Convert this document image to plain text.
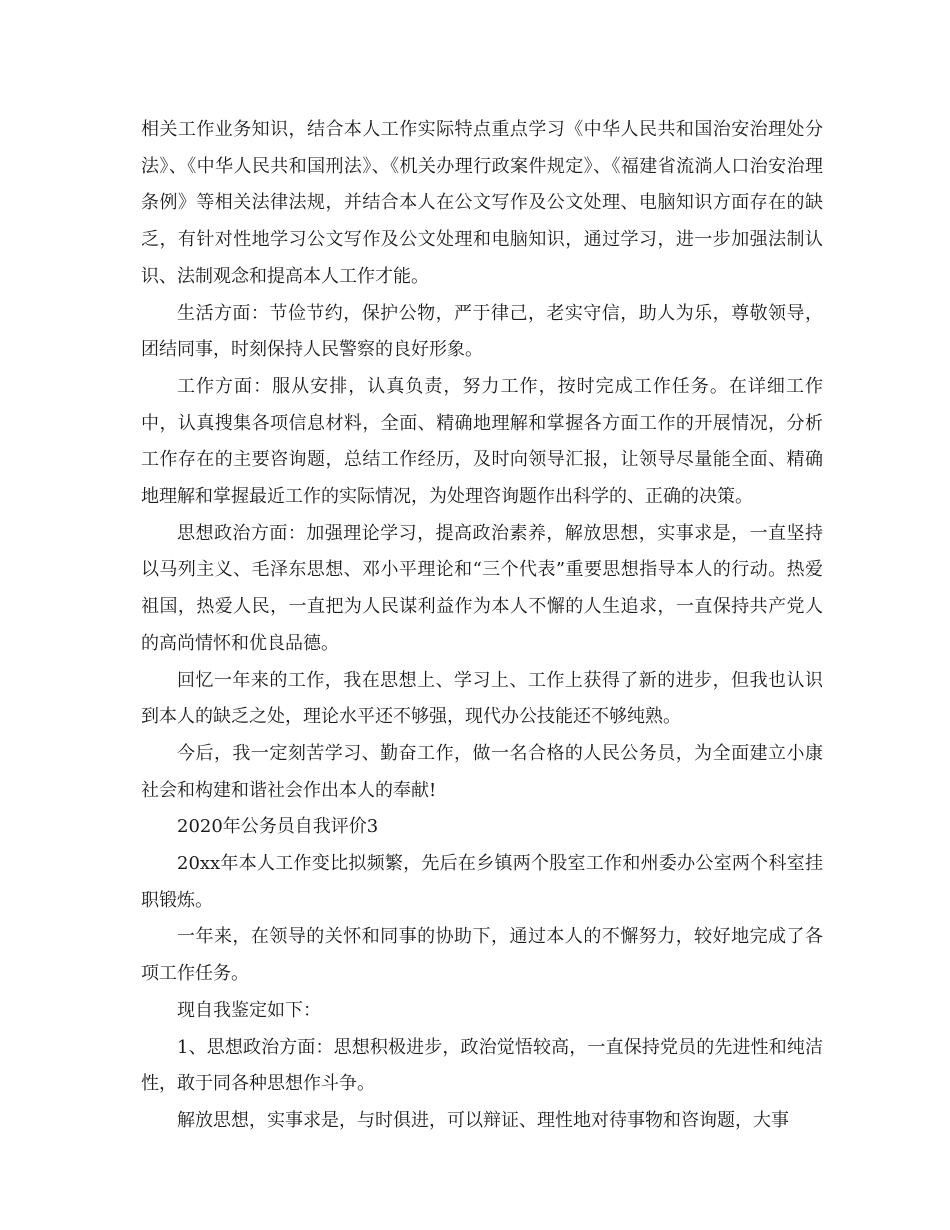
相关工作业务知识，结合本人工作实际特点重点学习《中华人民共和国治安治理处分法》、《中华人民共和国刑法》、《机关办理行政案件规定》、《福建省流淌人口治安治理条例》等相关法律法规，并结合本人在公文写作及公文处理、电脑知识方面存在的缺乏，有针对性地学习公文写作及公文处理和电脑知识，通过学习，进一步加强法制认识、法制观念和提高本人工作才能。

生活方面：节俭节约，保护公物，严于律己，老实守信，助人为乐，尊敬领导，团结同事，时刻保持人民警察的良好形象。

工作方面：服从安排，认真负责，努力工作，按时完成工作任务。在详细工作中，认真搜集各项信息材料，全面、精确地理解和掌握各方面工作的开展情况，分析工作存在的主要咨询题，总结工作经历，及时向领导汇报，让领导尽量能全面、精确地理解和掌握最近工作的实际情况，为处理咨询题作出科学的、正确的决策。

思想政治方面：加强理论学习，提高政治素养，解放思想，实事求是，一直坚持以马列主义、毛泽东思想、邓小平理论和“三个代表”重要思想指导本人的行动。热爱祖国，热爱人民，一直把为人民谋利益作为本人不懈的人生追求，一直保持共产党人的高尚情怀和优良品德。

回忆一年来的工作，我在思想上、学习上、工作上获得了新的进步，但我也认识到本人的缺乏之处，理论水平还不够强，现代办公技能还不够纯熟。

今后，我一定刻苦学习、勤奋工作，做一名合格的人民公务员，为全面建立小康社会和构建和谐社会作出本人的奉献!

2020年公务员自我评价3

20xx年本人工作变比拟频繁，先后在乡镇两个股室工作和州委办公室两个科室挂职锻炼。

一年来，在领导的关怀和同事的协助下，通过本人的不懈努力，较好地完成了各项工作任务。

现自我鉴定如下：

1、思想政治方面：思想积极进步，政治觉悟较高，一直保持党员的先进性和纯洁性，敢于同各种思想作斗争。

解放思想，实事求是，与时俱进，可以辩证、理性地对待事物和咨询题，大事
